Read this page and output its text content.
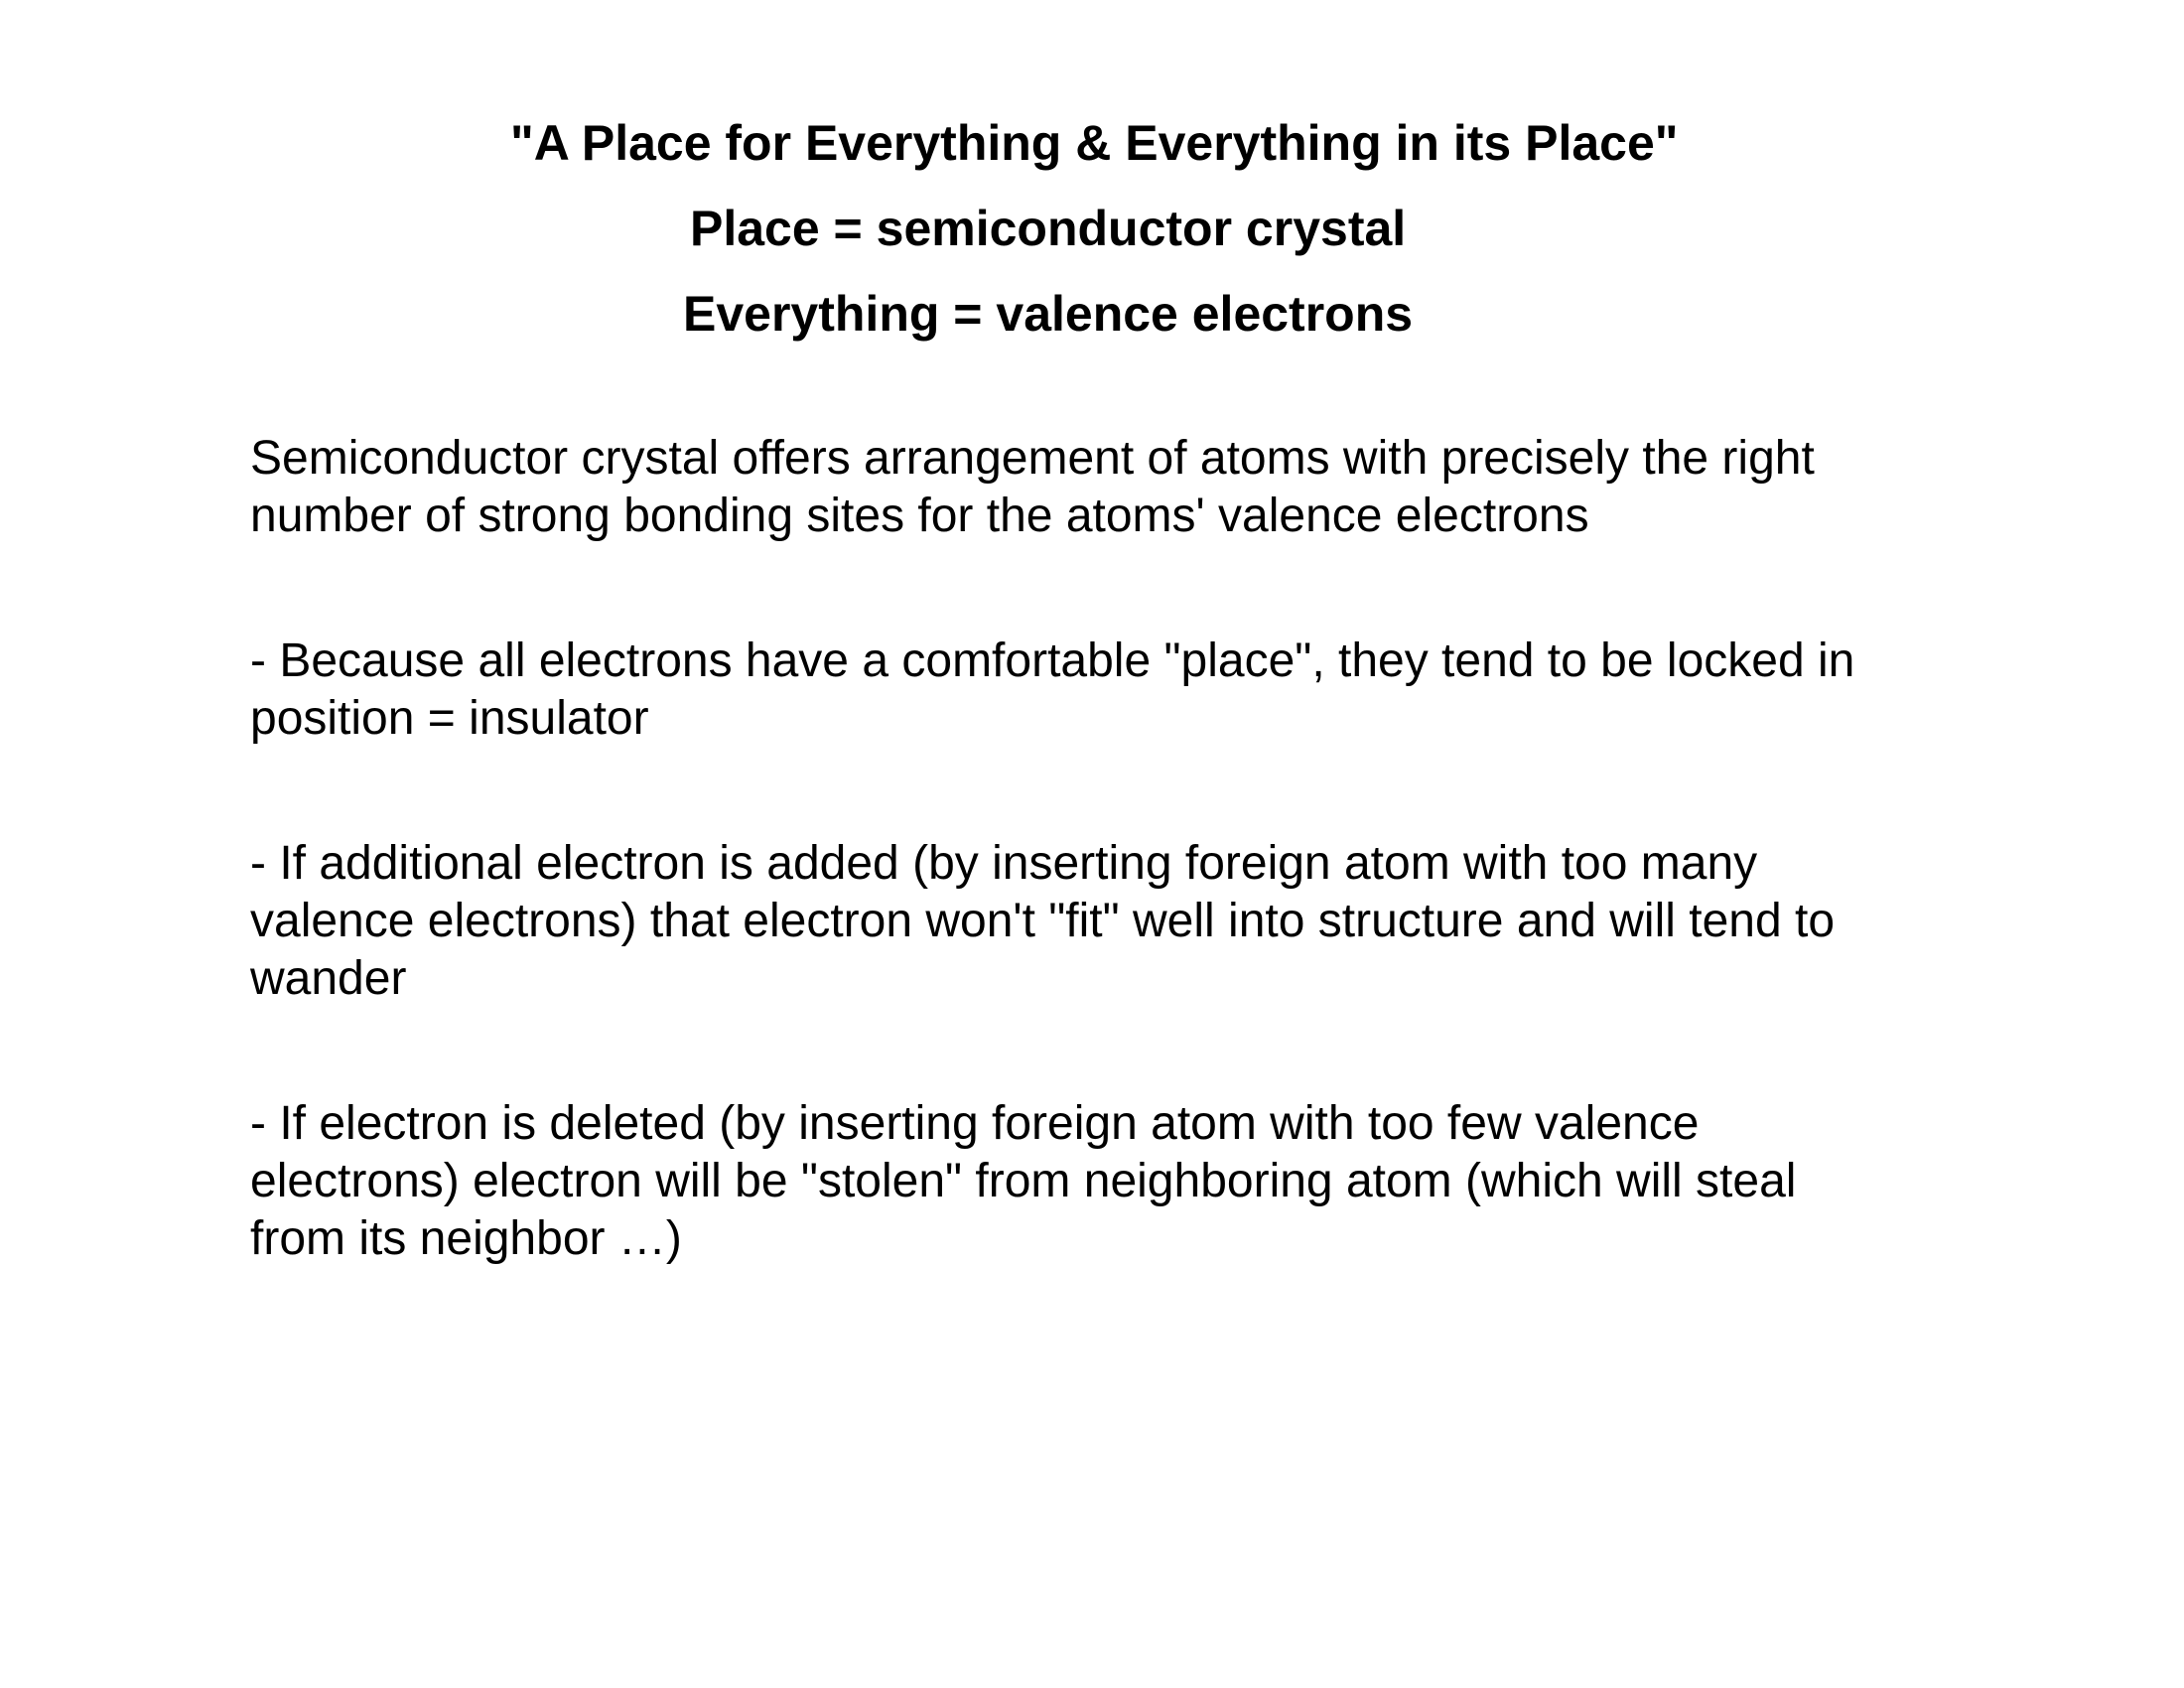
"A Place for Everything & Everything in its Place"
Place = semiconductor crystal
Everything = valence electrons

Semiconductor crystal offers arrangement of atoms with precisely the right
number of strong bonding sites for the atoms' valence electrons

- Because all electrons have a comfortable "place", they tend to be locked in
position = insulator

- If additional electron is added (by inserting foreign atom with too many
valence electrons) that electron won't "fit" well into structure and will tend to
wander

- If electron is deleted (by inserting foreign atom with too few valence
electrons) electron will be "stolen" from neighboring atom (which will steal
from its neighbor …)
